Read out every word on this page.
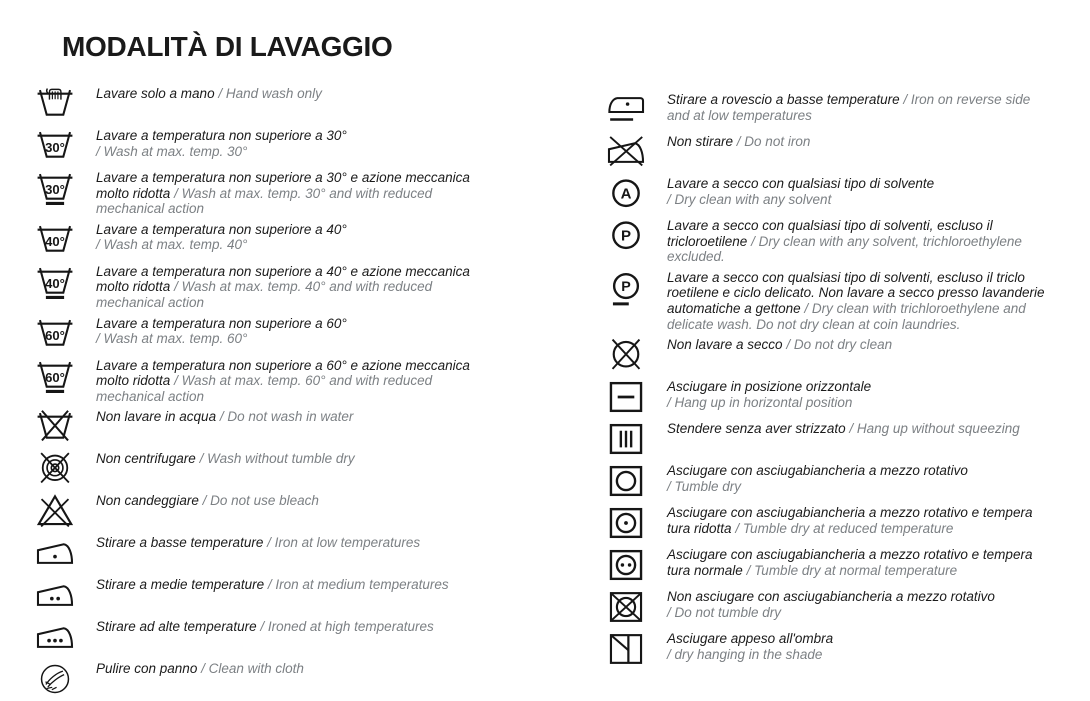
MODALITÀ DI LAVAGGIO

Lavare solo a mano / Hand wash only

30°

Lavare a temperatura non superiore a 30°
/ Wash at max. temp. 30°

30°

Lavare a temperatura non superiore a 30° e azione meccanica molto ridotta / Wash at max. temp. 30° and with reduced mechanical action

40°

Lavare a temperatura non superiore a 40°
/ Wash at max. temp. 40°

40°

Lavare a temperatura non superiore a 40° e azione meccanica molto ridotta / Wash at max. temp. 40° and with reduced mechanical action

60°

Lavare a temperatura non superiore a 60°
/ Wash at max. temp. 60°

60°

Lavare a temperatura non superiore a 60° e azione meccanica molto ridotta / Wash at max. temp. 60° and with reduced mechanical action

Non lavare in acqua / Do not wash in water

Non centrifugare / Wash without tumble dry

Non candeggiare / Do not use bleach

Stirare a basse temperature / Iron at low temperatures

Stirare a medie temperature / Iron at medium temperatures

Stirare ad alte temperature / Ironed at high temperatures

Pulire con panno / Clean with cloth

Stirare a rovescio a basse temperature / Iron on reverse side and at low temperatures

Non stirare / Do not iron

A

Lavare a secco con qualsiasi tipo di solvente
/ Dry clean with any solvent

P

Lavare a secco con qualsiasi tipo di solventi, escluso il tricloroetilene / Dry clean with any solvent, trichloroethylene excluded.

P

Lavare a secco con qualsiasi tipo di solventi, escluso il triclo roetilene e ciclo delicato. Non lavare a secco presso lavanderie automatiche a gettone / Dry clean with trichloroethylene and delicate wash. Do not dry clean at coin laundries.

Non lavare a secco / Do not dry clean

Asciugare in posizione orizzontale
/ Hang up in horizontal position

Stendere senza aver strizzato / Hang up without squeezing

Asciugare con asciugabiancheria a mezzo rotativo
/ Tumble dry

Asciugare con asciugabiancheria a mezzo rotativo e tempera tura ridotta / Tumble dry at reduced temperature

Asciugare con asciugabiancheria a mezzo rotativo e tempera tura normale / Tumble dry at normal temperature

Non asciugare con asciugabiancheria a mezzo rotativo
/ Do not tumble dry

Asciugare appeso all'ombra
/ dry hanging in the shade
